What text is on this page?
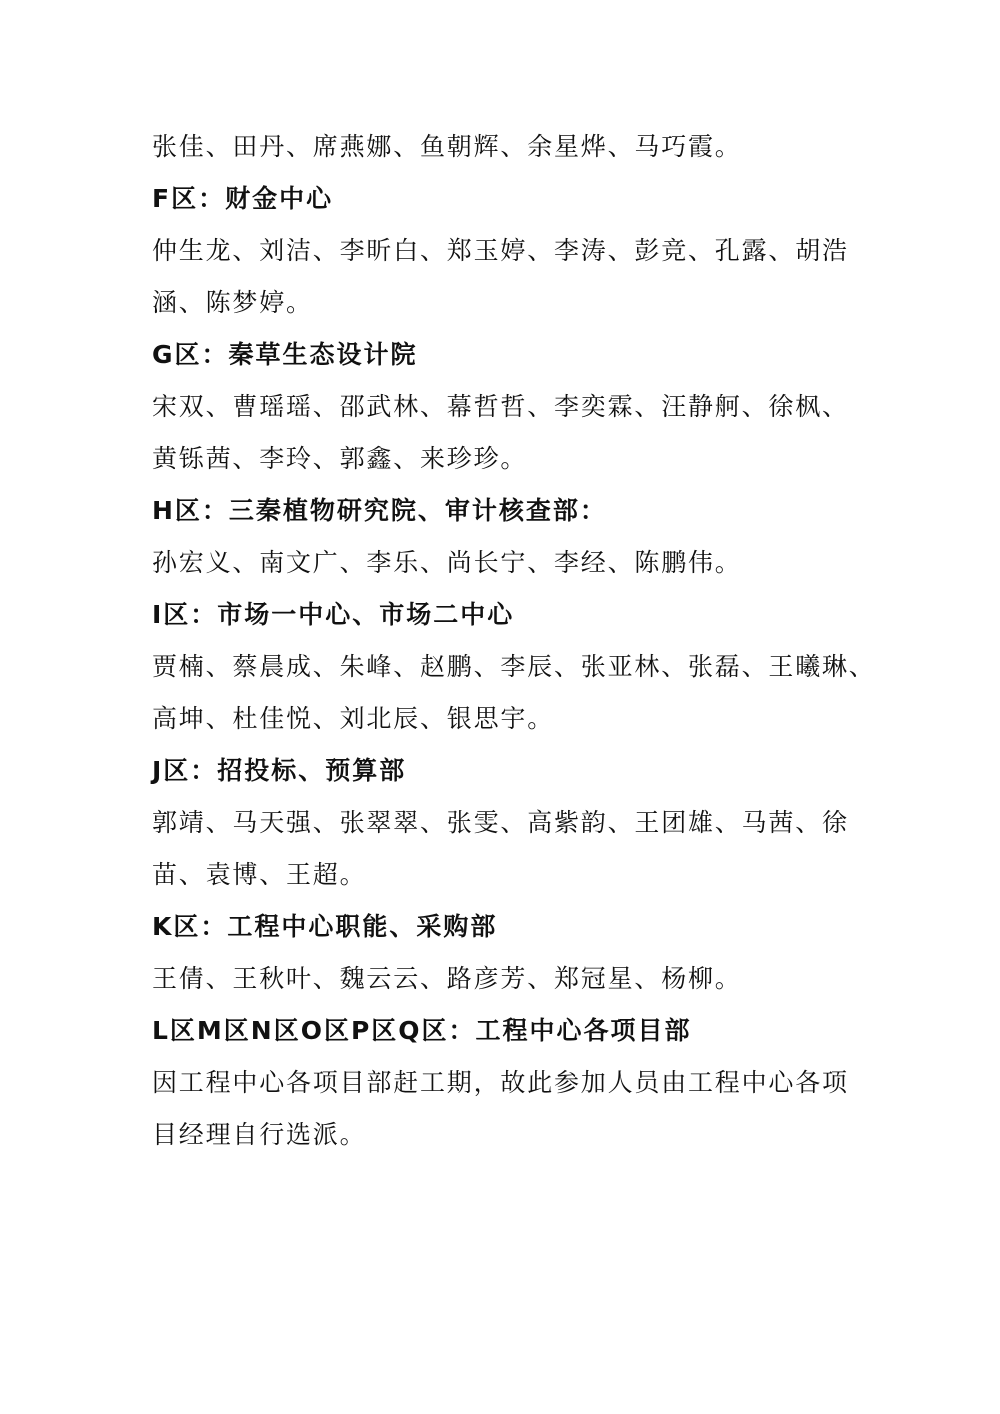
张佳、田丹、席燕娜、鱼朝辉、余星烨、马巧霞。
F区：财金中心
仲生龙、刘洁、李昕白、郑玉婷、李涛、彭竞、孔露、胡浩
涵、陈梦婷。
G区：秦草生态设计院
宋双、曹瑶瑶、邵武林、幕哲哲、李奕霖、汪静舸、徐枫、
黄铄茜、李玲、郭鑫、来珍珍。
H区：三秦植物研究院、审计核查部：
孙宏义、南文广、李乐、尚长宁、李经、陈鹏伟。
I区：市场一中心、市场二中心
贾楠、蔡晨成、朱峰、赵鹏、李辰、张亚林、张磊、王曦琳、
高坤、杜佳悦、刘北辰、银思宇。
J区：招投标、预算部
郭靖、马天强、张翠翠、张雯、高紫韵、王团雄、马茜、徐
苗、袁博、王超。
K区：工程中心职能、采购部
王倩、王秋叶、魏云云、路彦芳、郑冠星、杨柳。
L区M区N区O区P区Q区：工程中心各项目部
因工程中心各项目部赶工期，故此参加人员由工程中心各项
目经理自行选派。
